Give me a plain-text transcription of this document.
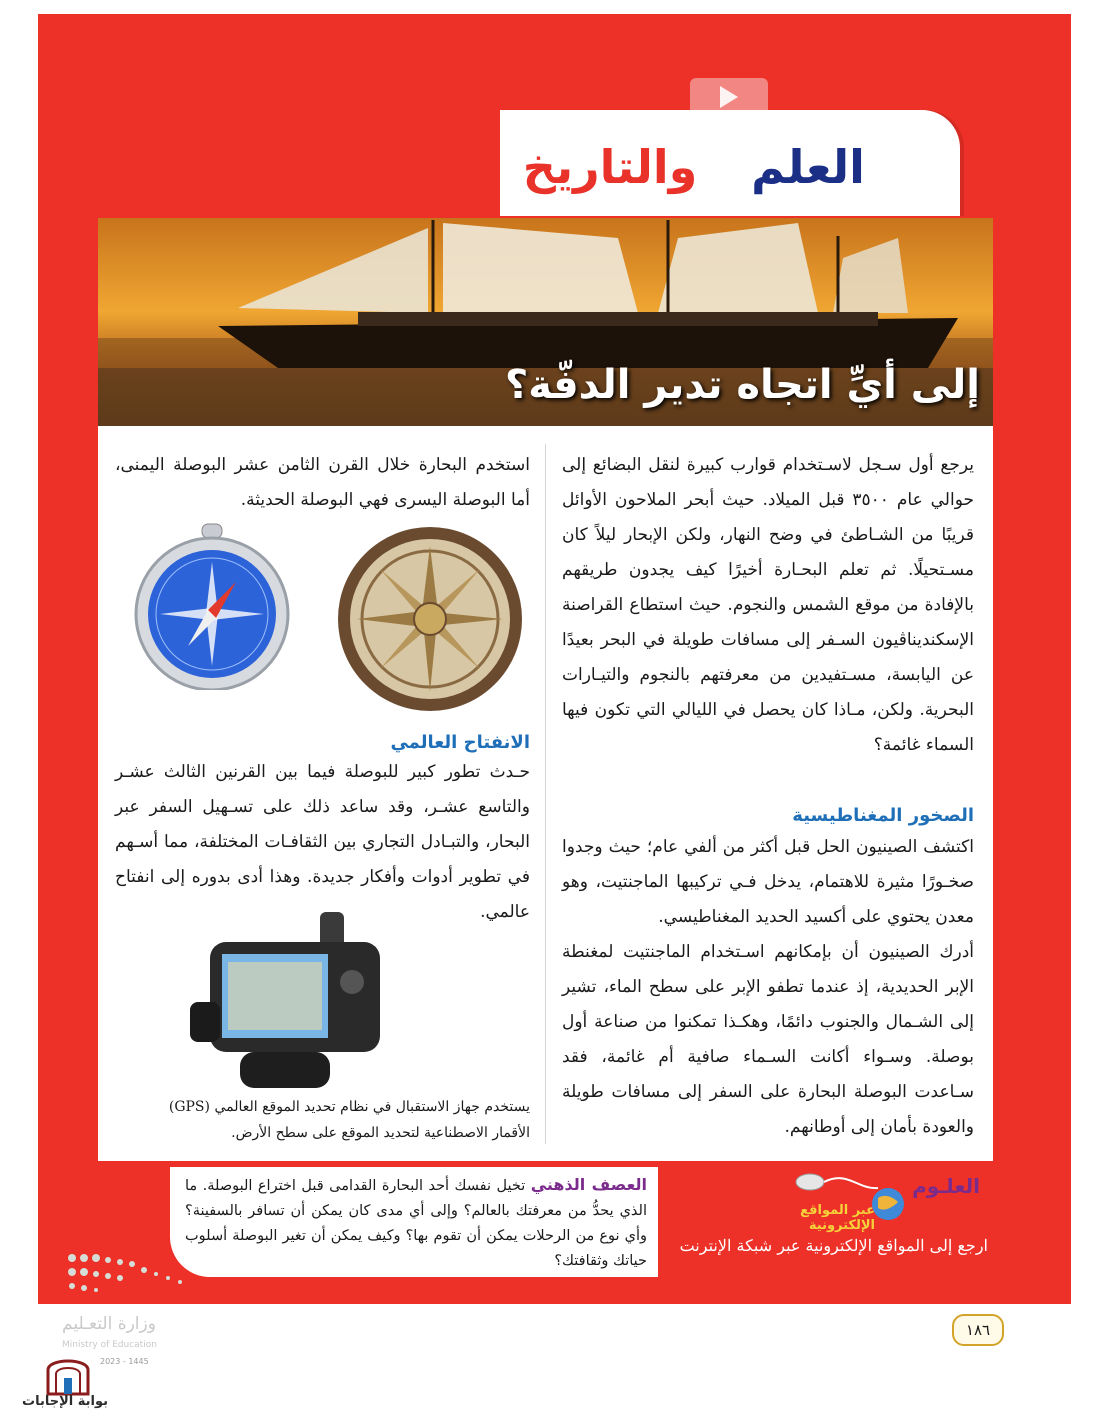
العلم
والتاريخ
إلى أيِّ اتجاه تدير الدفّة؟

يرجع أول سـجل لاسـتخدام قوارب كبيرة لنقل البضائع إلى حوالي عام ٣٥٠٠ قبل الميلاد. حيث أبحر الملاحون الأوائل قريبًا من الشـاطئ في وضح النهار، ولكن الإبحار ليلاً كان مسـتحيلًا. ثم تعلم البحـارة أخيرًا كيف يجدون طريقهم بالإفادة من موقع الشمس والنجوم. حيث استطاع القراصنة الإسكنديناڤيون السـفر إلى مسافات طويلة في البحر بعيدًا عن اليابسة، مسـتفيدين من معرفتهم بالنجوم والتيـارات البحرية. ولكن، مـاذا كان يحصل في الليالي التي تكون فيها السماء غائمة؟

الصخور المغناطيسية

اكتشف الصينيون الحل قبل أكثر من ألفي عام؛ حيث وجدوا صخـورًا مثيرة للاهتمام، يدخل فـي تركيبها الماجنتيت، وهو معدن يحتوي على أكسيد الحديد المغناطيسي.

أدرك الصينيون أن بإمكانهم اسـتخدام الماجنتيت لمغنطة الإبر الحديدية، إذ عندما تطفو الإبر على سطح الماء، تشير إلى الشـمال والجنوب دائمًا، وهكـذا تمكنوا من صناعة أول بوصلة. وسـواء أكانت السـماء صافية أم غائمة، فقد سـاعدت البوصلة البحارة على السفر إلى مسافات طويلة والعودة بأمان إلى أوطانهم.

استخدم البحارة خلال القرن الثامن عشر البوصلة اليمنى، أما البوصلة اليسرى فهي البوصلة الحديثة.

الانفتاح العالمي

حـدث تطور كبير للبوصلة فيما بين القرنين الثالث عشـر والتاسع عشـر، وقد ساعد ذلك على تسـهيل السفر عبر البحار، والتبـادل التجاري بين الثقافـات المختلفة، مما أسـهم في تطوير أدوات وأفكار جديدة. وهذا أدى بدوره إلى انفتاح عالمي.

يستخدم جهاز الاستقبال في نظام تحديد الموقع العالمي (GPS) الأقمار الاصطناعية لتحديد الموقع على سطح الأرض.

العصف الذهني تخيل نفسك أحد البحارة القدامى قبل اختراع البوصلة. ما الذي يحدُّ من معرفتك بالعالم؟ وإلى أي مدى كان يمكن أن تسافر بالسفينة؟ وأي نوع من الرحلات يمكن أن تقوم بها؟ وكيف يمكن أن تغير البوصلة أسلوب حياتك وثقافتك؟
العلـوم
عبر المواقع الإلكترونية
ارجع إلى المواقع الإلكترونية عبر شبكة الإنترنت
١٨٦
وزارة التعـليم
Ministry of Education
2023 - 1445
بوابة الإجابات
